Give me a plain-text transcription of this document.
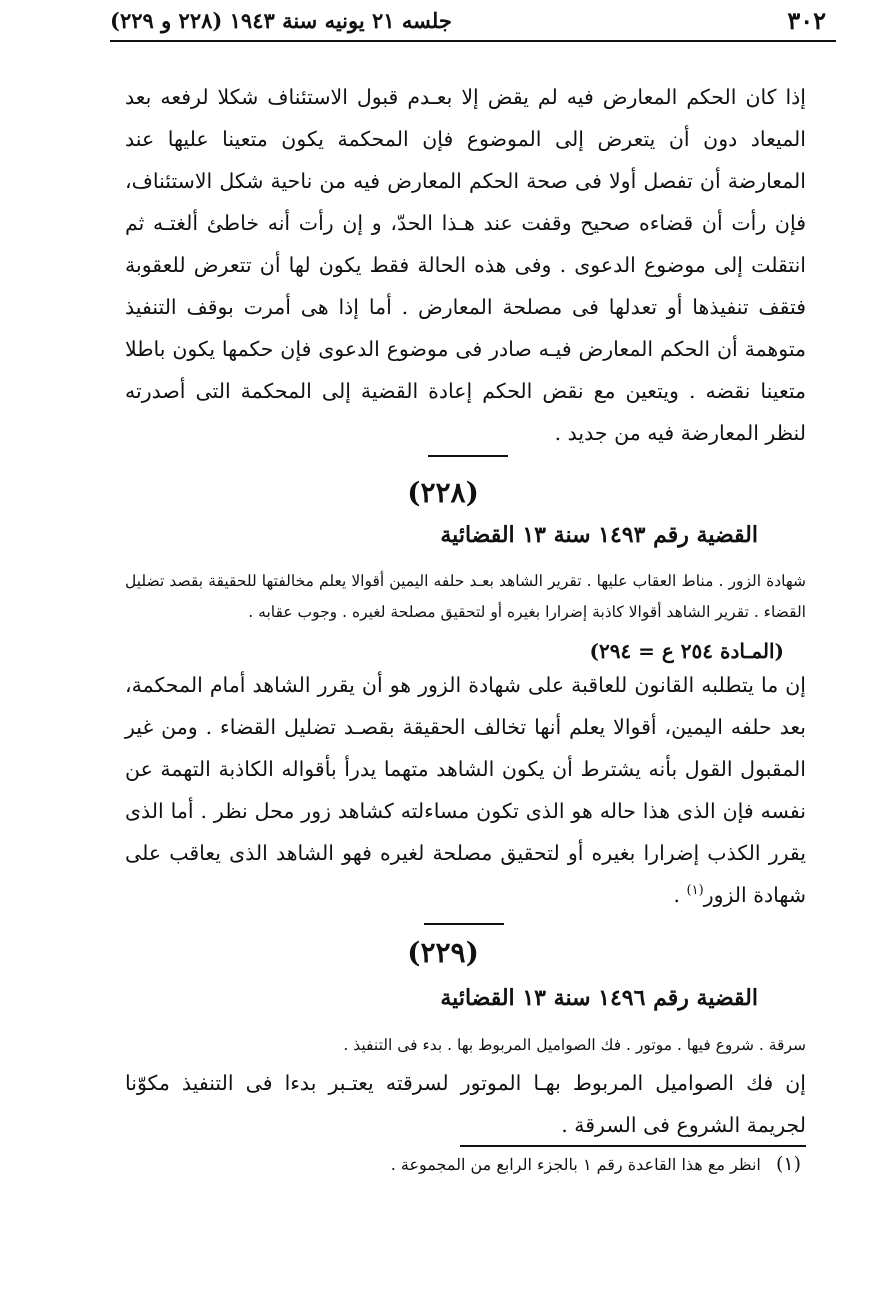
٣٠٢
جلسه ٢١ يونيه سنة ١٩٤٣ (٢٢٨ و ٢٢٩)

إذا كان الحكم المعارض فيه لم يقض إلا بعـدم قبول الاستئناف شكلا لرفعه بعد الميعاد دون أن يتعرض إلى الموضوع فإن المحكمة يكون متعينا عليها عند المعارضة أن تفصل أولا فى صحة الحكم المعارض فيه من ناحية شكل الاستئناف، فإن رأت أن قضاءه صحيح وقفت عند هـذا الحدّ، و إن رأت أنه خاطئ ألغتـه ثم انتقلت إلى موضوع الدعوى . وفى هذه الحالة فقط يكون لها أن تتعرض للعقوبة فتقف تنفيذها أو تعدلها فى مصلحة المعارض . أما إذا هى أمرت بوقف التنفيذ متوهمة أن الحكم المعارض فيـه صادر فى موضوع الدعوى فإن حكمها يكون باطلا متعينا نقضه . ويتعين مع نقض الحكم إعادة القضية إلى المحكمة التى أصدرته لنظر المعارضة فيه من جديد .

(٢٢٨)
القضية رقم ١٤٩٣ سنة ١٣ القضائية

شهادة الزور . مناط العقاب عليها . تقرير الشاهد بعـد حلفه اليمين أقوالا يعلم مخالفتها للحقيقة بقصد تضليل القضاء . تقرير الشاهد أقوالا كاذبة إضرارا بغيره أو لتحقيق مصلحة لغيره . وجوب عقابه .

(المـادة ٢٥٤ ع = ٢٩٤)

إن ما يتطلبه القانون للعاقبة على شهادة الزور هو أن يقرر الشاهد أمام المحكمة، بعد حلفه اليمين، أقوالا يعلم أنها تخالف الحقيقة بقصـد تضليل القضاء . ومن غير المقبول القول بأنه يشترط أن يكون الشاهد متهما يدرأ بأقواله الكاذبة التهمة عن نفسه فإن الذى هذا حاله هو الذى تكون مساءلته كشاهد زور محل نظر . أما الذى يقرر الكذب إضرارا بغيره أو لتحقيق مصلحة لغيره فهو الشاهد الذى يعاقب على شهادة الزور$^{(١)}$ .

(٢٢٩)
القضية رقم ١٤٩٦ سنة ١٣ القضائية

سرقة . شروع فيها . موتور . فك الصواميل المربوط بها . بدء فى التنفيذ .

إن فك الصواميل المربوط بهـا الموتور لسرقته يعتـبر بدءا فى التنفيذ مكوّنا لجريمة الشروع فى السرقة .

(١) انظر مع هذا القاعدة رقم ١ بالجزء الرابع من المجموعة .
